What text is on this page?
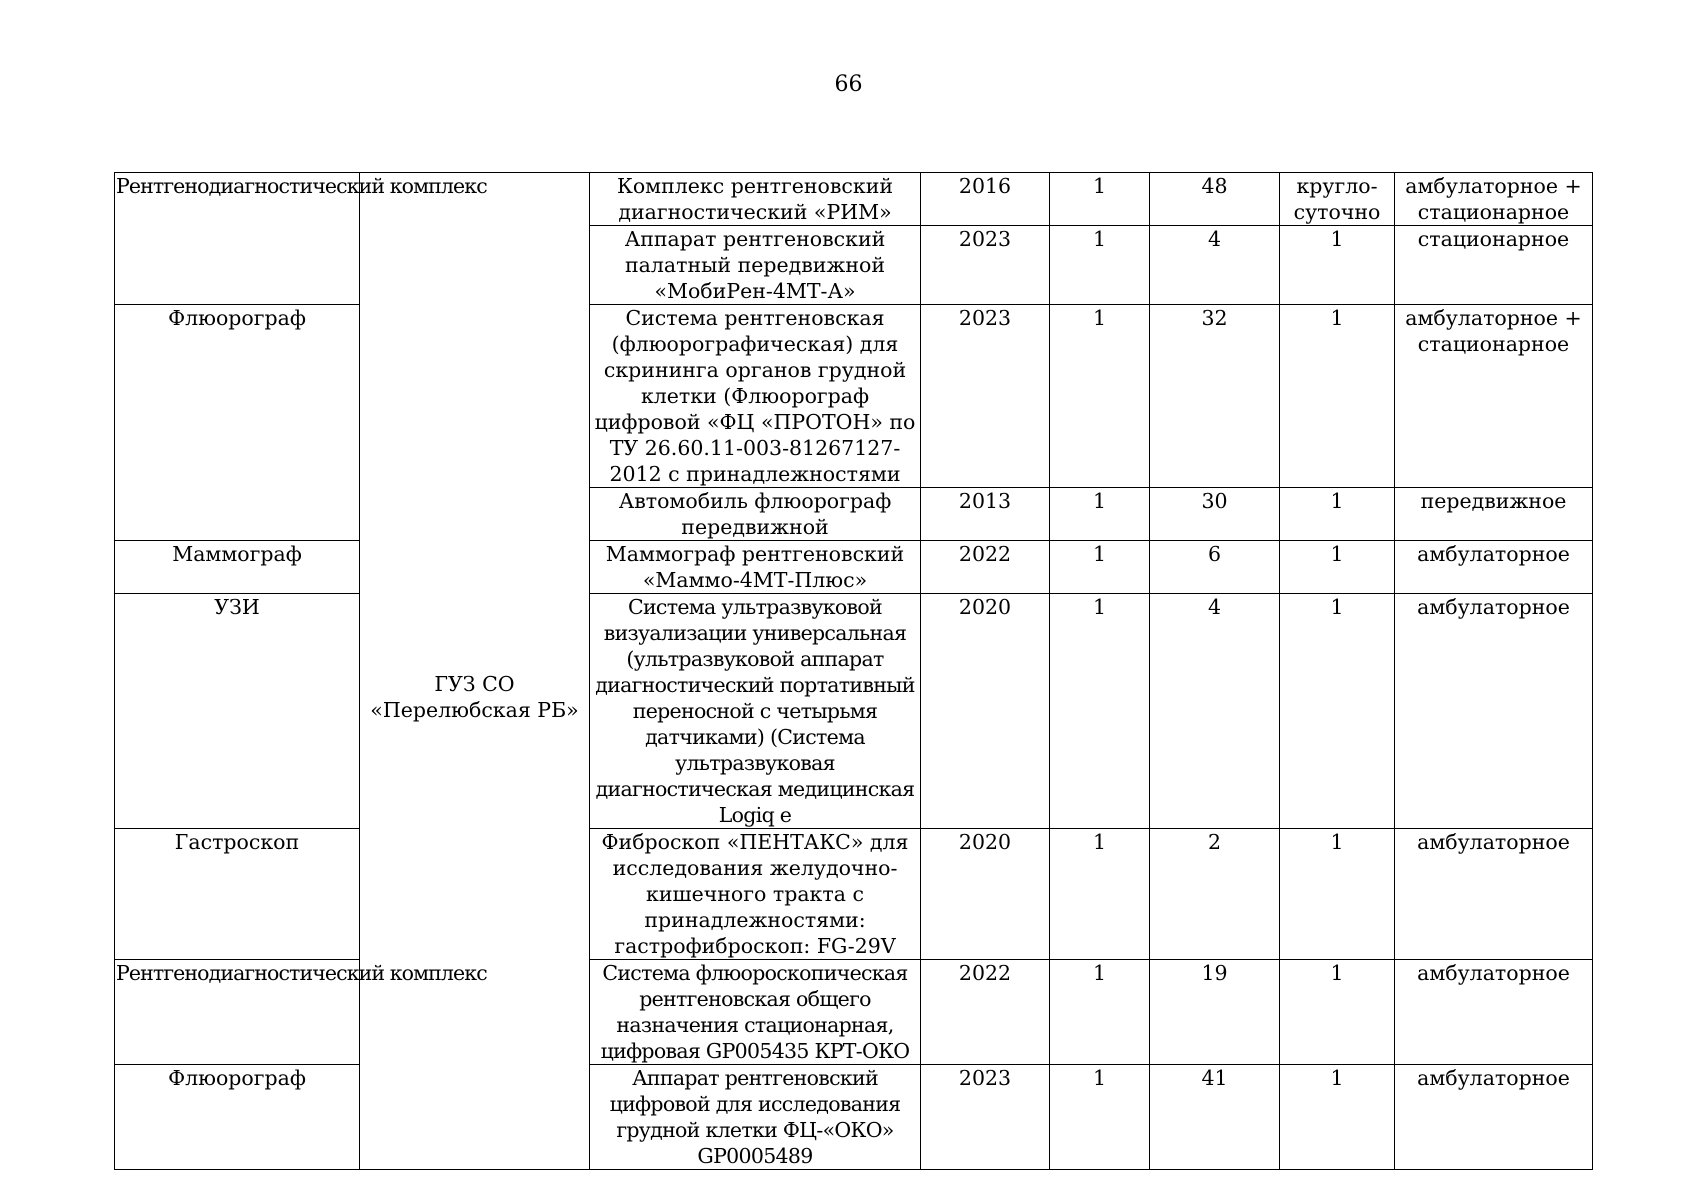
66
Рентгенодиагностический комплекс	ГУЗ СО «Перелюбская РБ»	Комплекс рентгеновский диагностический «РИМ»	2016	1	48	кругло-суточно	амбулаторное + стационарное
		Аппарат рентгеновский палатный передвижной «МобиРен-4МТ-А»	2023	1	4	1	стационарное
Флюорограф		Система рентгеновская (флюорографическая) для скрининга органов грудной клетки (Флюорограф цифровой «ФЦ «ПРОТОН» по ТУ 26.60.11-003-81267127-2012 с принадлежностями	2023	1	32	1	амбулаторное + стационарное
		Автомобиль флюорограф передвижной	2013	1	30	1	передвижное
Маммограф		Маммограф рентгеновский «Маммо-4МТ-Плюс»	2022	1	6	1	амбулаторное
УЗИ		Система ультразвуковой визуализации универсальная (ультразвуковой аппарат диагностический портативный переносной с четырьмя датчиками) (Система ультразвуковая диагностическая медицинская Logiq e	2020	1	4	1	амбулаторное
Гастроскоп		Фиброскоп «ПЕНТАКС» для исследования желудочно-кишечного тракта с принадлежностями: гастрофиброскоп: FG-29V	2020	1	2	1	амбулаторное
Рентгенодиагностический комплекс		Система флюороскопическая рентгеновская общего назначения стационарная, цифровая GP005435 КРТ-ОКО	2022	1	19	1	амбулаторное
Флюорограф		Аппарат рентгеновский цифровой для исследования грудной клетки ФЦ-«ОКО» GP0005489	2023	1	41	1	амбулаторное
